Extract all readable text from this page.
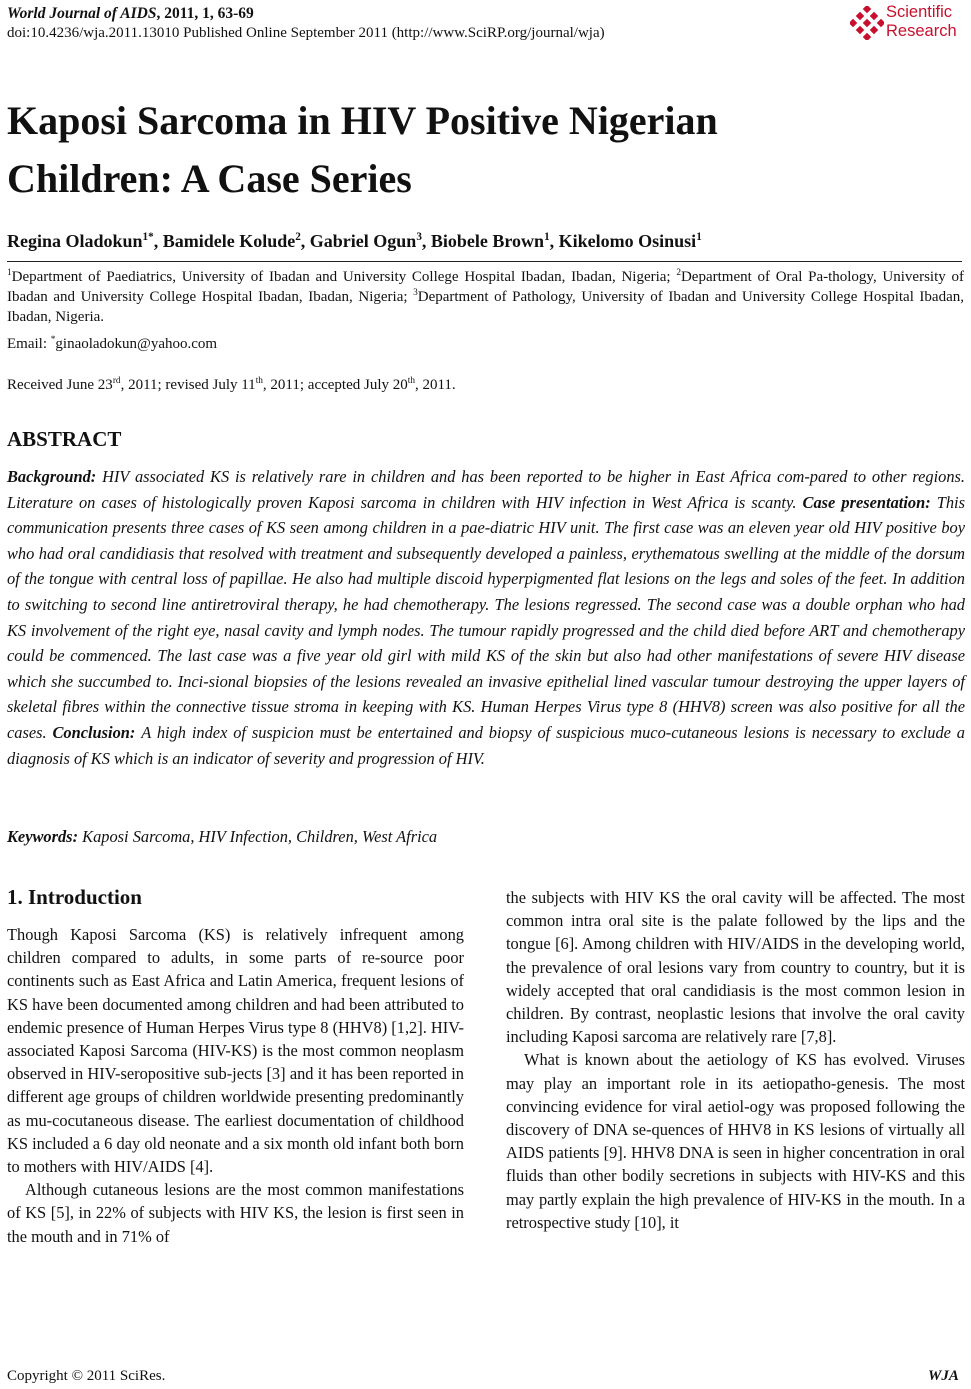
World Journal of AIDS, 2011, 1, 63-69
doi:10.4236/wja.2011.13010 Published Online September 2011 (http://www.SciRP.org/journal/wja)
Scientific
Research
Kaposi Sarcoma in HIV Positive Nigerian
Children: A Case Series
Regina Oladokun$^{1*}$, Bamidele Kolude$^2$, Gabriel Ogun$^3$, Biobele Brown$^1$, Kikelomo Osinusi$^1$
$^1$Department of Paediatrics, University of Ibadan and University College Hospital Ibadan, Ibadan, Nigeria; $^2$Department of Oral Pa-thology, University of Ibadan and University College Hospital Ibadan, Ibadan, Nigeria; $^3$Department of Pathology, University of Ibadan and University College Hospital Ibadan, Ibadan, Nigeria.
Email: *ginaoladokun@yahoo.com
Received June 23rd, 2011; revised July 11th, 2011; accepted July 20th, 2011.
ABSTRACT
Background: HIV associated KS is relatively rare in children and has been reported to be higher in East Africa com-pared to other regions. Literature on cases of histologically proven Kaposi sarcoma in children with HIV infection in West Africa is scanty. Case presentation: This communication presents three cases of KS seen among children in a pae-diatric HIV unit. The first case was an eleven year old HIV positive boy who had oral candidiasis that resolved with treatment and subsequently developed a painless, erythematous swelling at the middle of the dorsum of the tongue with central loss of papillae. He also had multiple discoid hyperpigmented flat lesions on the legs and soles of the feet. In addition to switching to second line antiretroviral therapy, he had chemotherapy. The lesions regressed. The second case was a double orphan who had KS involvement of the right eye, nasal cavity and lymph nodes. The tumour rapidly progressed and the child died before ART and chemotherapy could be commenced. The last case was a five year old girl with mild KS of the skin but also had other manifestations of severe HIV disease which she succumbed to. Inci-sional biopsies of the lesions revealed an invasive epithelial lined vascular tumour destroying the upper layers of skeletal fibres within the connective tissue stroma in keeping with KS. Human Herpes Virus type 8 (HHV8) screen was also positive for all the cases. Conclusion: A high index of suspicion must be entertained and biopsy of suspicious muco-cutaneous lesions is necessary to exclude a diagnosis of KS which is an indicator of severity and progression of HIV.
Keywords: Kaposi Sarcoma, HIV Infection, Children, West Africa
1. Introduction

Though Kaposi Sarcoma (KS) is relatively infrequent among children compared to adults, in some parts of re-source poor continents such as East Africa and Latin America, frequent lesions of KS have been documented among children and had been attributed to endemic presence of Human Herpes Virus type 8 (HHV8) [1,2]. HIV-associated Kaposi Sarcoma (HIV-KS) is the most common neoplasm observed in HIV-seropositive sub-jects [3] and it has been reported in different age groups of children worldwide presenting predominantly as mu-cocutaneous disease. The earliest documentation of childhood KS included a 6 day old neonate and a six month old infant both born to mothers with HIV/AIDS [4].

Although cutaneous lesions are the most common manifestations of KS [5], in 22% of subjects with HIV KS, the lesion is first seen in the mouth and in 71% of

the subjects with HIV KS the oral cavity will be affected. The most common intra oral site is the palate followed by the lips and the tongue [6]. Among children with HIV/AIDS in the developing world, the prevalence of oral lesions vary from country to country, but it is widely accepted that oral candidiasis is the most common lesion in children. By contrast, neoplastic lesions that involve the oral cavity including Kaposi sarcoma are relatively rare [7,8].

What is known about the aetiology of KS has evolved. Viruses may play an important role in its aetiopatho-genesis. The most convincing evidence for viral aetiol-ogy was proposed following the discovery of DNA se-quences of HHV8 in KS lesions of virtually all AIDS patients [9]. HHV8 DNA is seen in higher concentration in oral fluids than other bodily secretions in subjects with HIV-KS and this may partly explain the high prevalence of HIV-KS in the mouth. In a retrospective study [10], it

Copyright © 2011 SciRes.	WJA
